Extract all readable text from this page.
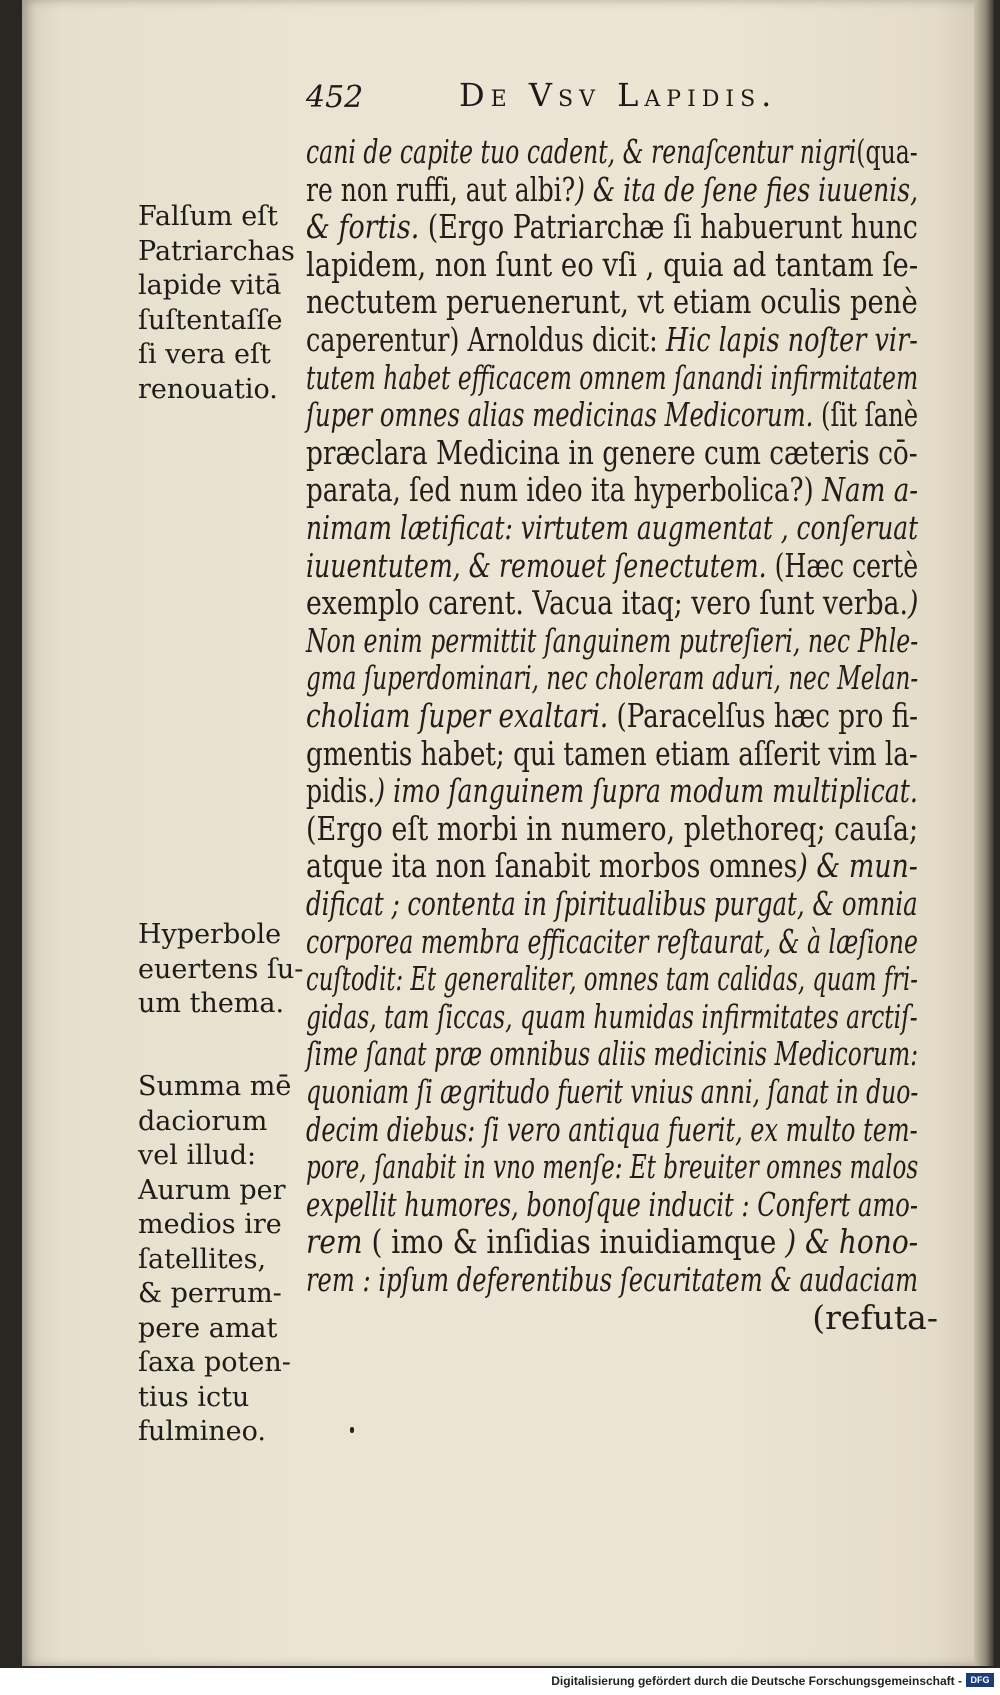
452	De Vsv Lapidis.
cani de capite tuo cadent, & renaſcentur nigri(qua-
re non ruffi, aut albi?) & ita de ſene fies iuuenis,
& fortis. (Ergo Patriarchæ ſi habuerunt hunc
lapidem, non ſunt eo vſi , quia ad tantam ſe-
nectutem peruenerunt, vt etiam oculis penè
caperentur) Arnoldus dicit: Hic lapis noſter vir-
tutem habet efficacem omnem ſanandi infirmitatem
ſuper omnes alias medicinas Medicorum. (ſit ſanè
præclara Medicina in genere cum cæteris cō-
parata, ſed num ideo ita hyperbolica?) Nam a-
nimam lætificat: virtutem augmentat , conſeruat
iuuentutem, & remouet ſenectutem. (Hæc certè
exemplo carent. Vacua itaq; vero ſunt verba.)
Non enim permittit ſanguinem putreſieri, nec Phle-
gma ſuperdominari, nec choleram aduri, nec Melan-
choliam ſuper exaltari. (Paracelſus hæc pro fi-
gmentis habet; qui tamen etiam aſſerit vim la-
pidis.) imo ſanguinem ſupra modum multiplicat.
(Ergo eſt morbi in numero, plethoreq; cauſa;
atque ita non ſanabit morbos omnes) & mun-
dificat ; contenta in ſpiritualibus purgat, & omnia
corporea membra efficaciter reſtaurat, & à læſione
cuſtodit: Et generaliter, omnes tam calidas, quam fri-
gidas, tam ſiccas, quam humidas infirmitates arctiſ-
ſime ſanat præ omnibus aliis medicinis Medicorum:
quoniam ſi ægritudo fuerit vnius anni, ſanat in duo-
decim diebus: ſi vero antiqua fuerit, ex multo tem-
pore, ſanabit in vno menſe: Et breuiter omnes malos
expellit humores, bonoſque inducit : Confert amo-
rem ( imo & inſidias inuidiamque ) & hono-
rem : ipſum deferentibus ſecuritatem & audaciam
(refuta-
Falſum eſt
Patriarchas
lapide vitā
ſuſtentaſſe
ſi vera eſt
renouatio.
Hyperbole
euertens ſu-
um thema.
Summa mē
daciorum
vel illud:
Aurum per
medios ire
ſatellites,
& perrum-
pere amat
ſaxa poten-
tius ictu
fulmineo.
Digitalisierung gefördert durch die Deutsche Forschungsgemeinschaft - DFG
